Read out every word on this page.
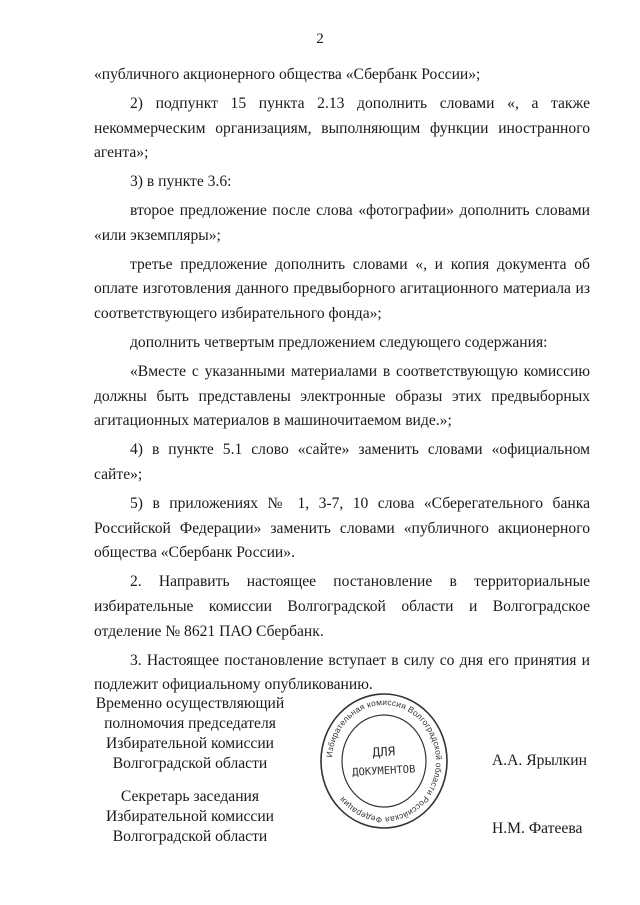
2

«публичного акционерного общества «Сбербанк России»;

2) подпункт 15 пункта 2.13 дополнить словами «, а также некоммерческим организациям, выполняющим функции иностранного агента»;

3) в пункте 3.6:

второе предложение после слова «фотографии» дополнить словами «или экземпляры»;

третье предложение дополнить словами «, и копия документа об оплате изготовления данного предвыборного агитационного материала из соответствующего избирательного фонда»;

дополнить четвертым предложением следующего содержания:

«Вместе с указанными материалами в соответствующую комиссию должны быть представлены электронные образы этих предвыборных агитационных материалов в машиночитаемом виде.»;

4) в пункте 5.1 слово «сайте» заменить словами «официальном сайте»;

5) в приложениях № 1, 3-7, 10 слова «Сберегательного банка Российской Федерации» заменить словами «публичного акционерного общества «Сбербанк России».

2. Направить настоящее постановление в территориальные избирательные комиссии Волгоградской области и Волгоградское отделение № 8621 ПАО Сбербанк.

3. Настоящее постановление вступает в силу со дня его принятия и подлежит официальному опубликованию.

Временно осуществляющий
полномочия председателя
Избирательной комиссии
Волгоградской области	А.А. Ярылкин
Секретарь заседания
Избирательной комиссии
Волгоградской области	Н.М. Фатеева
Избирательная комиссия Волгоградской области Российская Федерация
ДЛЯ
ДОКУМЕНТОВ
